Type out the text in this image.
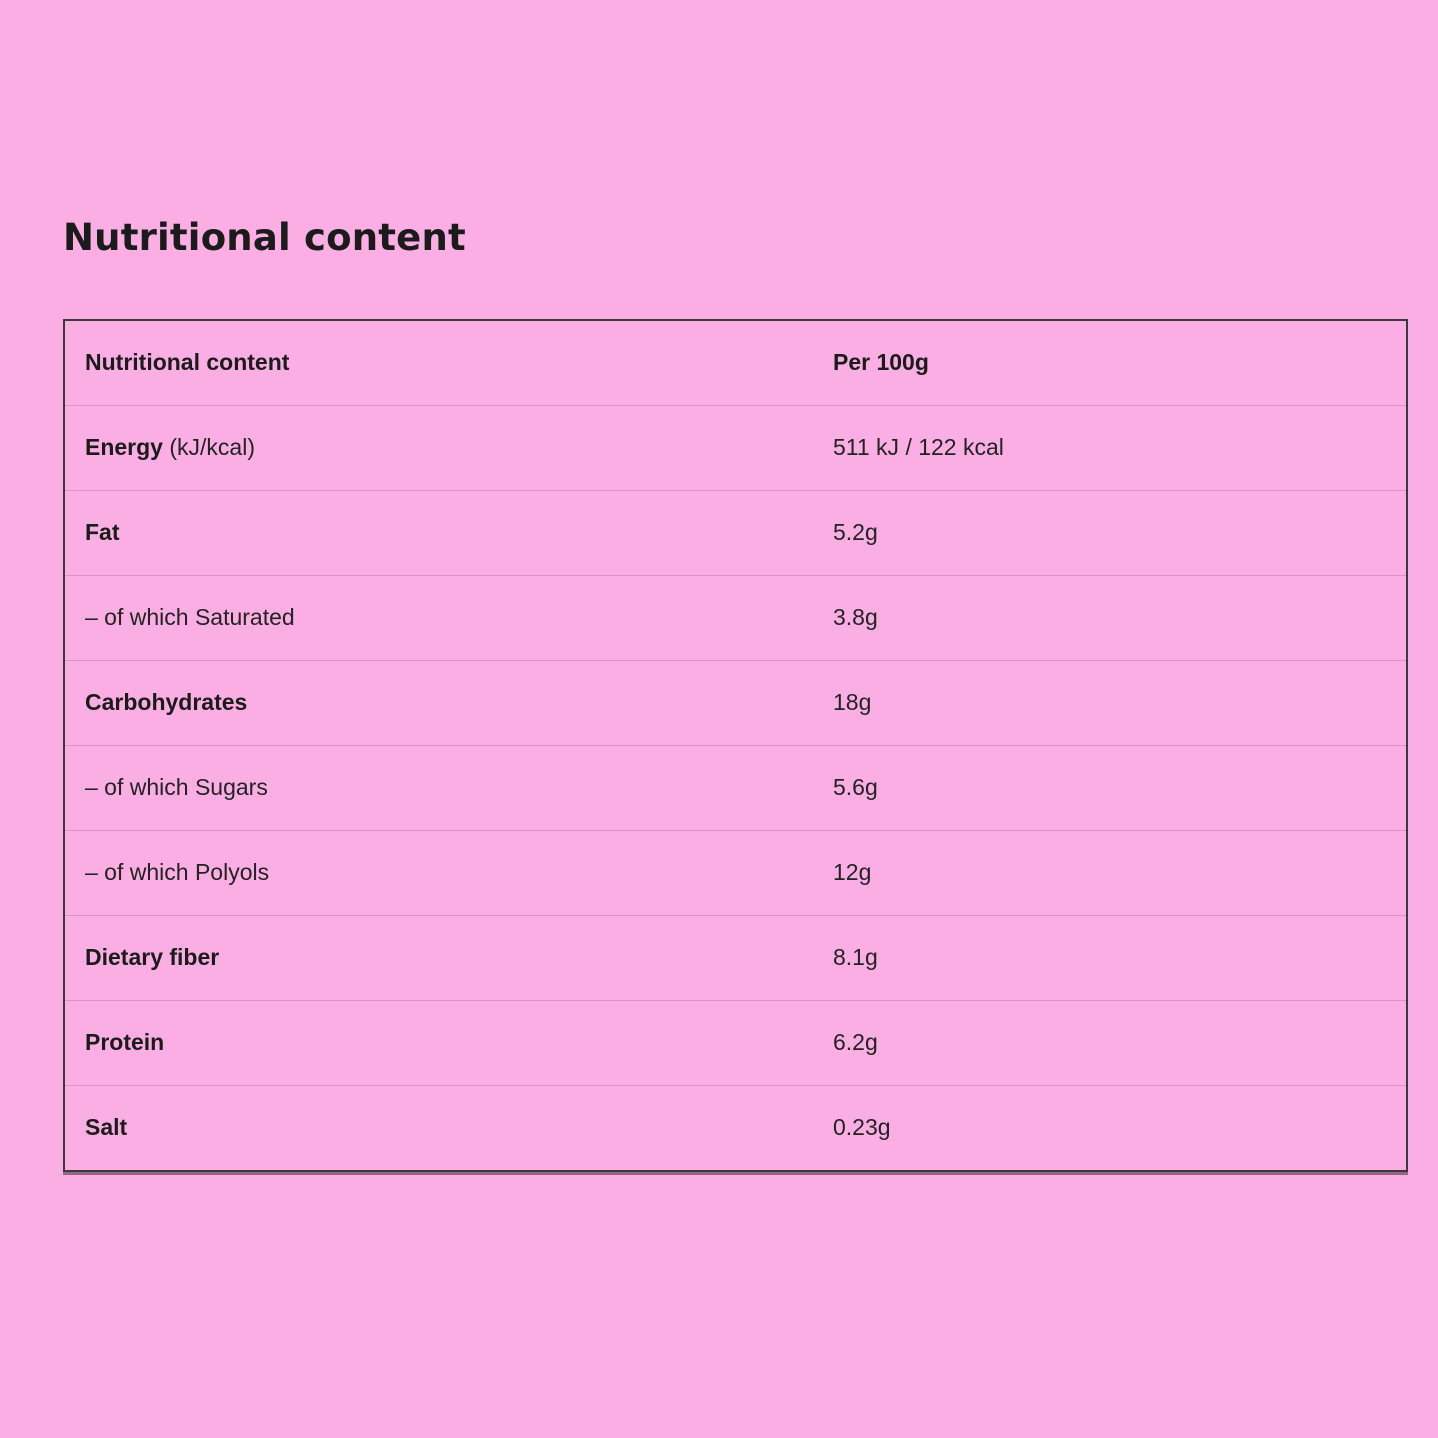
Nutritional content
Nutritional content	Per 100g
Energy (kJ/kcal)	511 kJ / 122 kcal
Fat	5.2g
– of which Saturated	3.8g
Carbohydrates	18g
– of which Sugars	5.6g
– of which Polyols	12g
Dietary fiber	8.1g
Protein	6.2g
Salt	0.23g
